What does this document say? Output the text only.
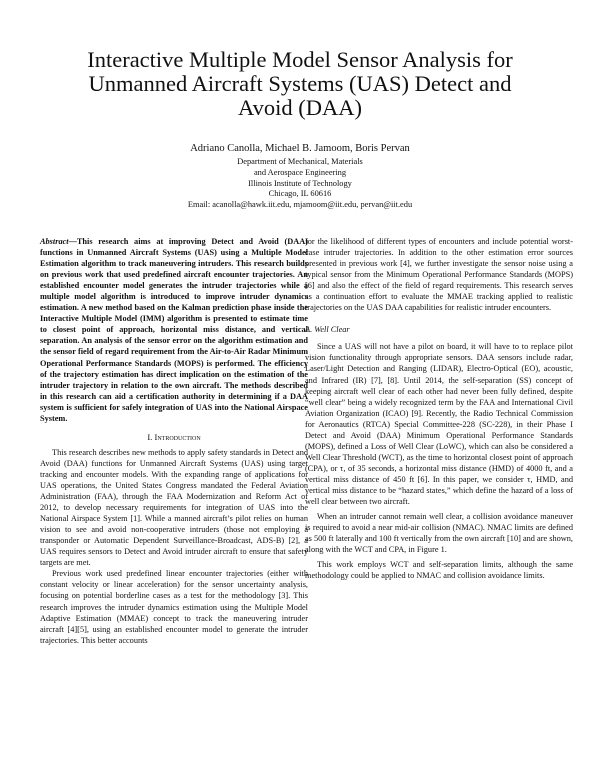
Interactive Multiple Model Sensor Analysis for
Unmanned Aircraft Systems (UAS) Detect and
Avoid (DAA)
Adriano Canolla, Michael B. Jamoom, Boris Pervan
Department of Mechanical, Materials
and Aerospace Engineering
Illinois Institute of Technology
Chicago, IL 60616
Email: acanolla@hawk.iit.edu, mjamoom@iit.edu, pervan@iit.edu

Abstract—This research aims at improving Detect and Avoid (DAA) functions in Unmanned Aircraft Systems (UAS) using a Multiple Model Estimation algorithm to track maneuvering intruders. This research builds on previous work that used predefined aircraft encounter trajectories. An established encounter model generates the intruder trajectories while a multiple model algorithm is introduced to improve intruder dynamics estimation. A new method based on the Kalman prediction phase inside the Interactive Multiple Model (IMM) algorithm is presented to estimate time to closest point of approach, horizontal miss distance, and vertical separation. An analysis of the sensor error on the algorithm estimation and the sensor field of regard requirement from the Air-to-Air Radar Minimum Operational Performance Standards (MOPS) is performed. The efficiency of the trajectory estimation has direct implication on the estimation of the intruder trajectory in relation to the own aircraft. The methods described in this research can aid a certification authority in determining if a DAA system is sufficient for safely integration of UAS into the National Airspace System.

I. Introduction

This research describes new methods to apply safety standards in Detect and Avoid (DAA) functions for Unmanned Aircraft Systems (UAS) using target tracking and encounter models. With the expanding range of applications for UAS operations, the United States Congress mandated the Federal Aviation Administration (FAA), through the FAA Modernization and Reform Act of 2012, to develop necessary requirements for integration of UAS into the National Airspace System [1]. While a manned aircraft’s pilot relies on human vision to see and avoid non-cooperative intruders (those not employing a transponder or Automatic Dependent Surveillance-Broadcast, ADS-B) [2], a UAS requires sensors to Detect and Avoid intruder aircraft to ensure that safety targets are met.

Previous work used predefined linear encounter trajectories (either with constant velocity or linear acceleration) for the sensor uncertainty analysis, focusing on potential borderline cases as a test for the methodology [3]. This research improves the intruder dynamics estimation using the Multiple Model Adaptive Estimation (MMAE) concept to track the maneuvering intruder aircraft [4][5], using an established encounter model to generate the intruder trajectories. This better accounts

for the likelihood of different types of encounters and include potential worst-case intruder trajectories. In addition to the other estimation error sources presented in previous work [4], we further investigate the sensor noise using a typical sensor from the Minimum Operational Performance Standards (MOPS) [6] and also the effect of the field of regard requirements. This research serves as a continuation effort to evaluate the MMAE tracking applied to realistic trajectories on the UAS DAA capabilities for realistic intruder encounters.

A. Well Clear

Since a UAS will not have a pilot on board, it will have to to replace pilot vision functionality through appropriate sensors. DAA sensors include radar, Laser/Light Detection and Ranging (LIDAR), Electro-Optical (EO), acoustic, and Infrared (IR) [7], [8]. Until 2014, the self-separation (SS) concept of keeping aircraft well clear of each other had never been fully defined, despite “well clear” being a widely recognized term by the FAA and International Civil Aviation Organization (ICAO) [9]. Recently, the Radio Technical Commission for Aeronautics (RTCA) Special Committee-228 (SC-228), in their Phase I Detect and Avoid (DAA) Minimum Operational Performance Standards (MOPS), defined a Loss of Well Clear (LoWC), which can also be considered a Well Clear Threshold (WCT), as the time to horizontal closest point of approach (CPA), or τ, of 35 seconds, a horizontal miss distance (HMD) of 4000 ft, and a vertical miss distance of 450 ft [6]. In this paper, we consider τ, HMD, and vertical miss distance to be “hazard states,” which define the hazard of a loss of well clear between two aircraft.

When an intruder cannot remain well clear, a collision avoidance maneuver is required to avoid a near mid-air collision (NMAC). NMAC limits are defined as 500 ft laterally and 100 ft vertically from the own aircraft [10] and are shown, along with the WCT and CPA, in Figure 1.

This work employs WCT and self-separation limits, although the same methodology could be applied to NMAC and collision avoidance limits.
